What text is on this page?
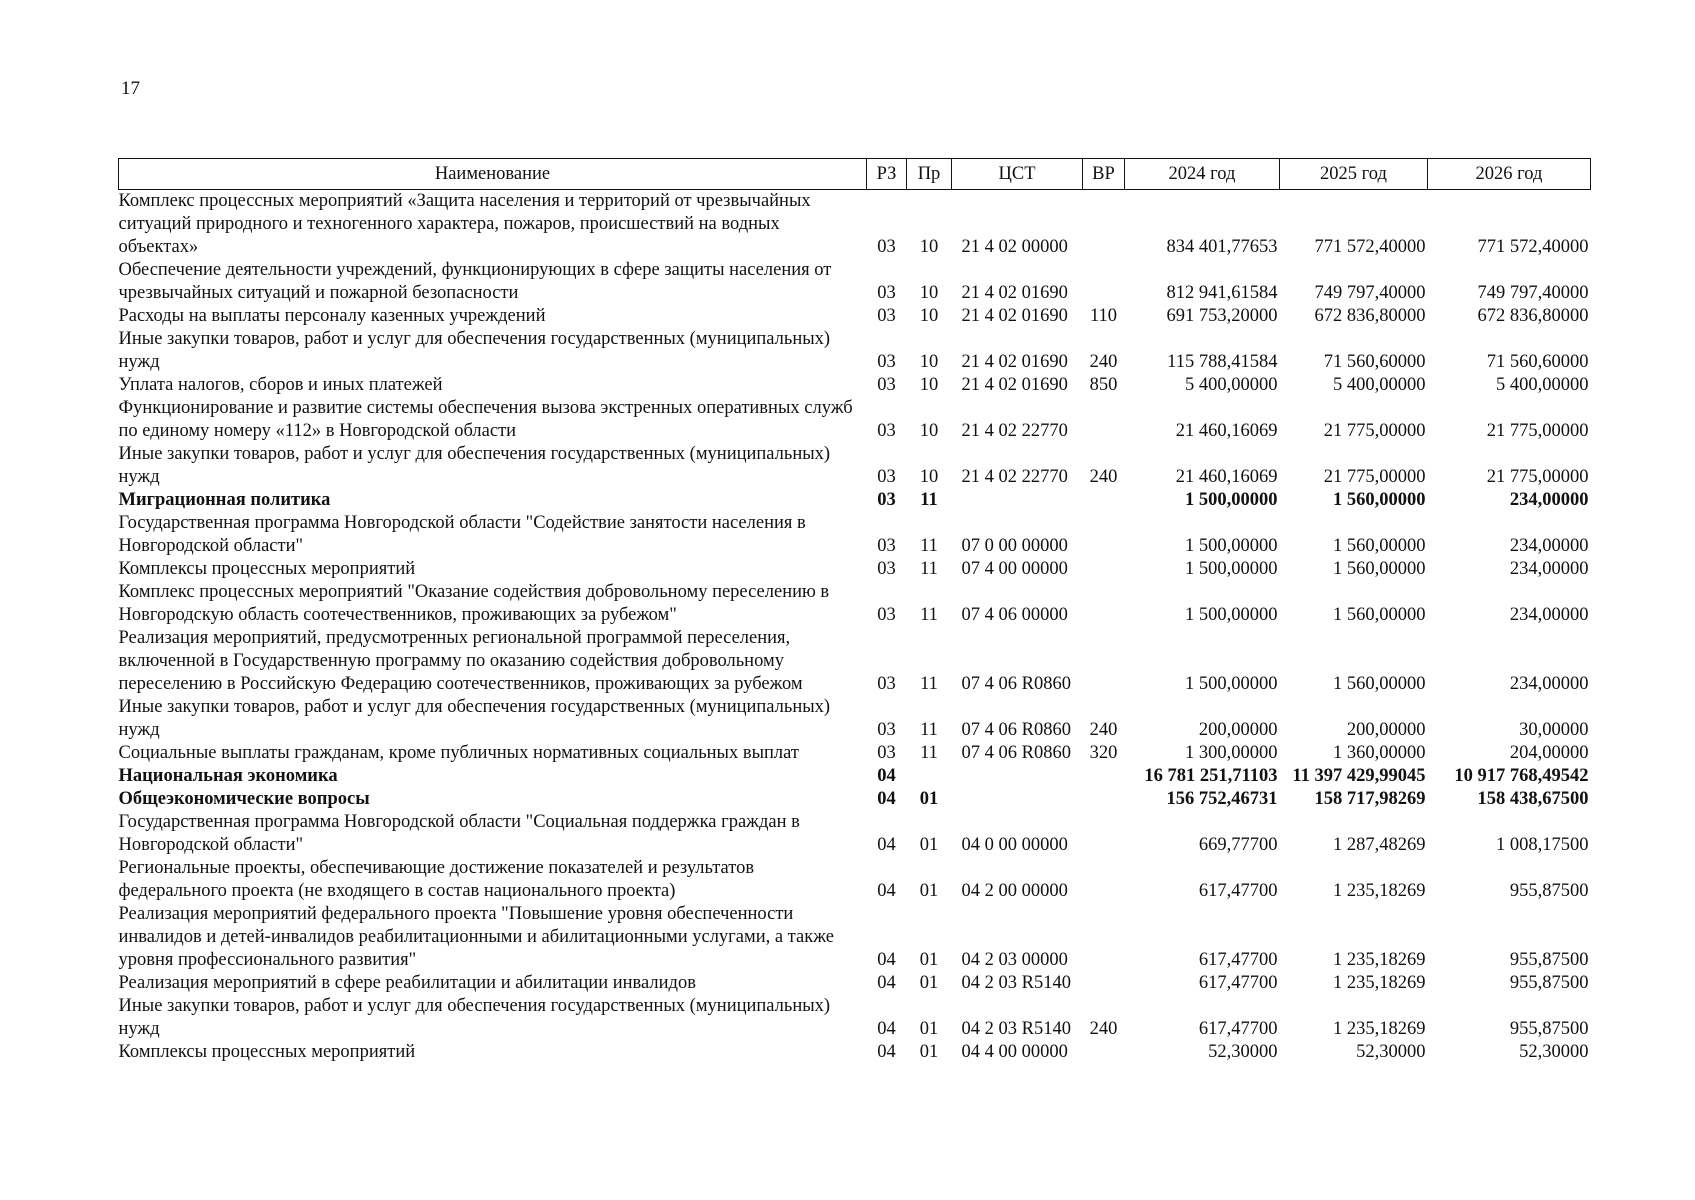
17
Наименование	РЗ	Пр	ЦСТ	ВР	2024 год	2025 год	2026 год
Комплекс процессных мероприятий «Защита населения и территорий от чрезвычайных ситуаций природного и техногенного характера, пожаров, происшествий на водных объектах»	03	10	21 4 02 00000		834 401,77653	771 572,40000	771 572,40000
Обеспечение деятельности учреждений, функционирующих в сфере защиты населения от чрезвычайных ситуаций и пожарной безопасности	03	10	21 4 02 01690		812 941,61584	749 797,40000	749 797,40000
Расходы на выплаты персоналу казенных учреждений	03	10	21 4 02 01690	110	691 753,20000	672 836,80000	672 836,80000
Иные закупки товаров, работ и услуг для обеспечения государственных (муниципальных) нужд	03	10	21 4 02 01690	240	115 788,41584	71 560,60000	71 560,60000
Уплата налогов, сборов и иных платежей	03	10	21 4 02 01690	850	5 400,00000	5 400,00000	5 400,00000
Функционирование и развитие системы обеспечения вызова экстренных оперативных служб по единому номеру «112» в Новгородской области	03	10	21 4 02 22770		21 460,16069	21 775,00000	21 775,00000
Иные закупки товаров, работ и услуг для обеспечения государственных (муниципальных) нужд	03	10	21 4 02 22770	240	21 460,16069	21 775,00000	21 775,00000
Миграционная политика	03	11			1 500,00000	1 560,00000	234,00000
Государственная программа Новгородской области "Содействие занятости населения в Новгородской области"	03	11	07 0 00 00000		1 500,00000	1 560,00000	234,00000
Комплексы процессных мероприятий	03	11	07 4 00 00000		1 500,00000	1 560,00000	234,00000
Комплекс процессных мероприятий "Оказание содействия добровольному переселению в Новгородскую область соотечественников, проживающих за рубежом"	03	11	07 4 06 00000		1 500,00000	1 560,00000	234,00000
Реализация мероприятий, предусмотренных региональной программой переселения, включенной в Государственную программу по оказанию содействия добровольному переселению в Российскую Федерацию соотечественников, проживающих за рубежом	03	11	07 4 06 R0860		1 500,00000	1 560,00000	234,00000
Иные закупки товаров, работ и услуг для обеспечения государственных (муниципальных) нужд	03	11	07 4 06 R0860	240	200,00000	200,00000	30,00000
Социальные выплаты гражданам, кроме публичных нормативных социальных выплат	03	11	07 4 06 R0860	320	1 300,00000	1 360,00000	204,00000
Национальная экономика	04				16 781 251,71103	11 397 429,99045	10 917 768,49542
Общеэкономические вопросы	04	01			156 752,46731	158 717,98269	158 438,67500
Государственная программа Новгородской области "Социальная поддержка граждан в Новгородской области"	04	01	04 0 00 00000		669,77700	1 287,48269	1 008,17500
Региональные проекты, обеспечивающие достижение показателей и результатов федерального проекта (не входящего в состав национального проекта)	04	01	04 2 00 00000		617,47700	1 235,18269	955,87500
Реализация мероприятий федерального проекта "Повышение уровня обеспеченности инвалидов и детей-инвалидов реабилитационными и абилитационными услугами, а также уровня профессионального развития"	04	01	04 2 03 00000		617,47700	1 235,18269	955,87500
Реализация мероприятий в сфере реабилитации и абилитации инвалидов	04	01	04 2 03 R5140		617,47700	1 235,18269	955,87500
Иные закупки товаров, работ и услуг для обеспечения государственных (муниципальных) нужд	04	01	04 2 03 R5140	240	617,47700	1 235,18269	955,87500
Комплексы процессных мероприятий	04	01	04 4 00 00000		52,30000	52,30000	52,30000
